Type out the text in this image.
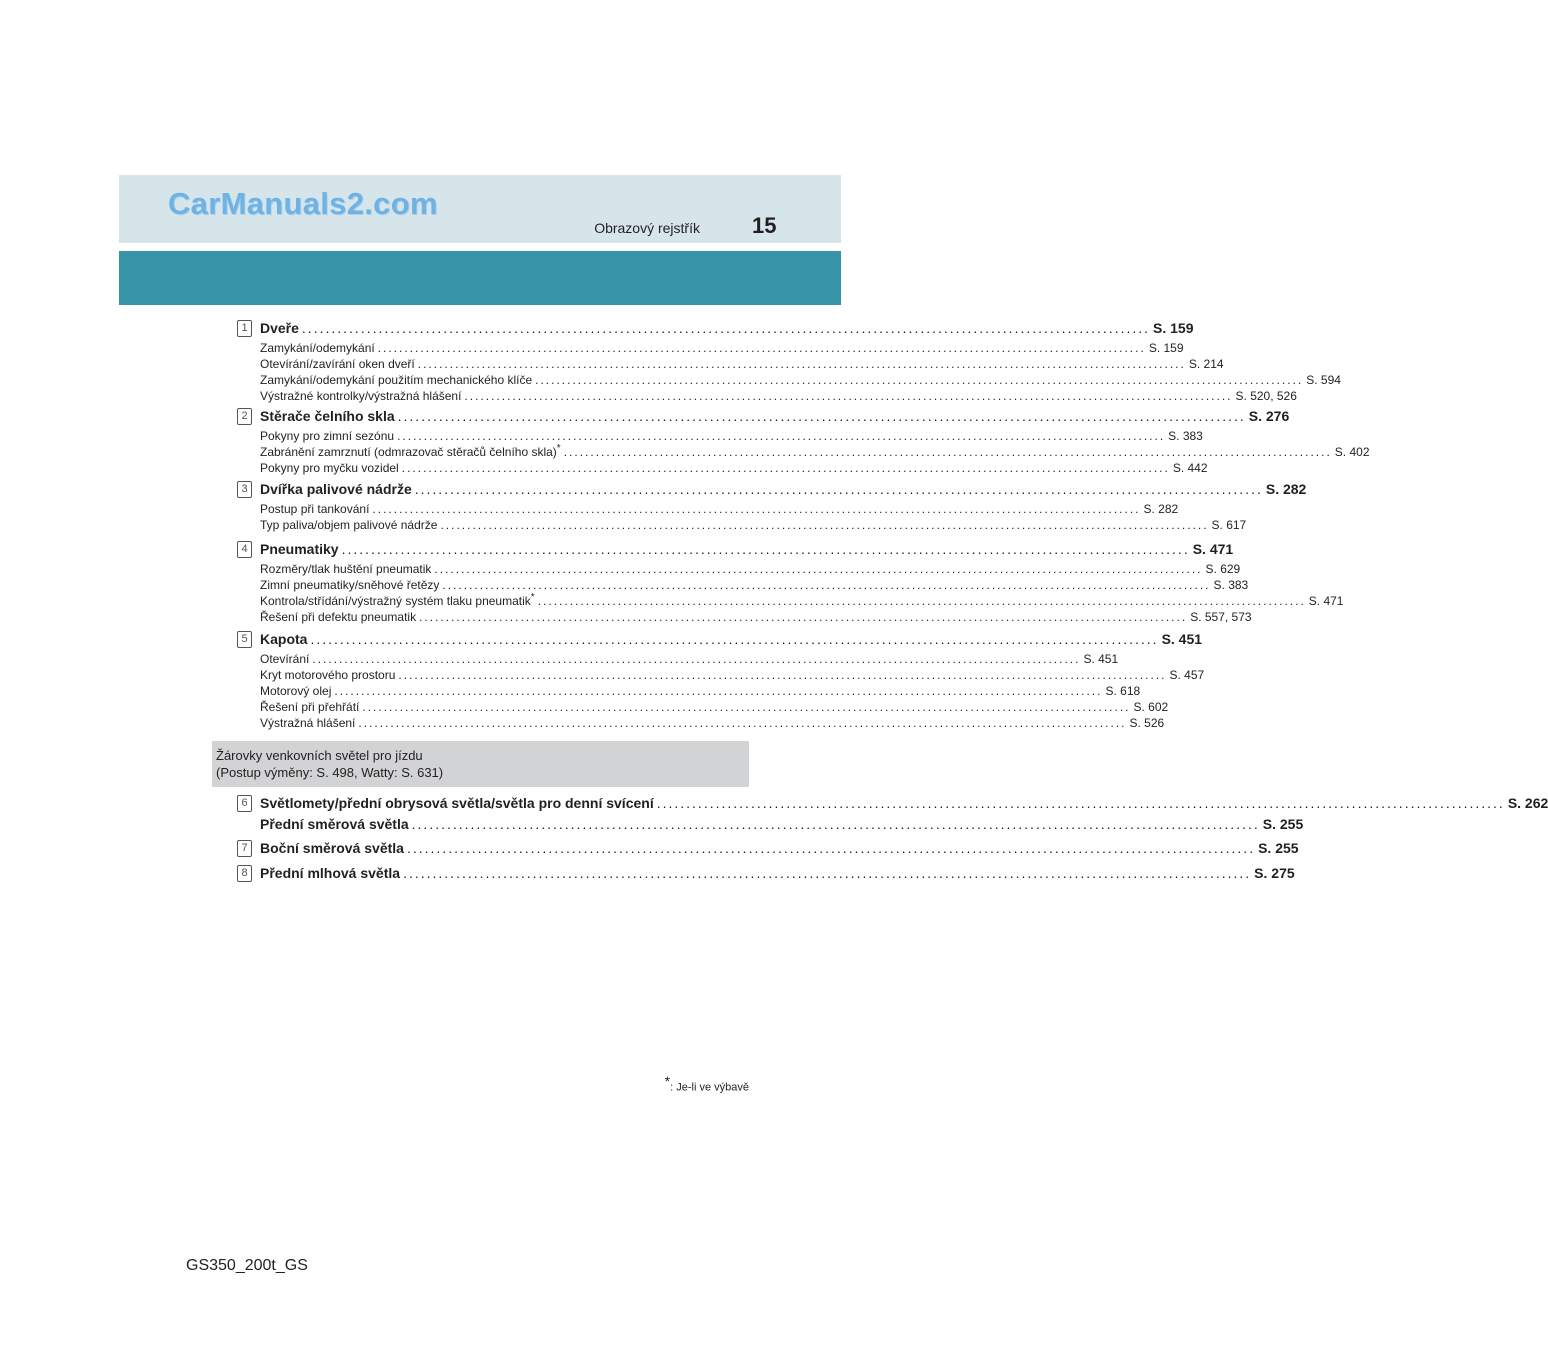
CarManuals2.com
Obrazový rejstřík 15
1 Dveře ................................................................................................................................................ S. 159
Zamykání/odemykání ................................................................................................................................................ S. 159
Otevírání/zavírání oken dveří ................................................................................................................................................ S. 214
Zamykání/odemykání použitím mechanického klíče ................................................................................................................................................ S. 594
Výstražné kontrolky/výstražná hlášení ................................................................................................................................................ S. 520, 526
2 Stěrače čelního skla ................................................................................................................................................ S. 276
Pokyny pro zimní sezónu ................................................................................................................................................ S. 383
Zabránění zamrznutí (odmrazovač stěračů čelního skla)* ................................................................................................................................................ S. 402
Pokyny pro myčku vozidel ................................................................................................................................................ S. 442
3 Dvířka palivové nádrže ................................................................................................................................................ S. 282
Postup při tankování ................................................................................................................................................ S. 282
Typ paliva/objem palivové nádrže ................................................................................................................................................ S. 617
4 Pneumatiky ................................................................................................................................................ S. 471
Rozměry/tlak huštění pneumatik ................................................................................................................................................ S. 629
Zimní pneumatiky/sněhové řetězy ................................................................................................................................................ S. 383
Kontrola/střídání/výstražný systém tlaku pneumatik* ................................................................................................................................................ S. 471
Řešení při defektu pneumatik ................................................................................................................................................ S. 557, 573
5 Kapota ................................................................................................................................................ S. 451
Otevírání ................................................................................................................................................ S. 451
Kryt motorového prostoru ................................................................................................................................................ S. 457
Motorový olej ................................................................................................................................................ S. 618
Řešení při přehřátí ................................................................................................................................................ S. 602
Výstražná hlášení ................................................................................................................................................ S. 526
Žárovky venkovních světel pro jízdu
(Postup výměny: S. 498, Watty: S. 631)
6 Světlomety/přední obrysová světla/světla pro denní svícení ................................................................................................................................................ S. 262
Přední směrová světla ................................................................................................................................................ S. 255
7 Boční směrová světla ................................................................................................................................................ S. 255
8 Přední mlhová světla ................................................................................................................................................ S. 275
*: Je-li ve výbavě
GS350_200t_GS
